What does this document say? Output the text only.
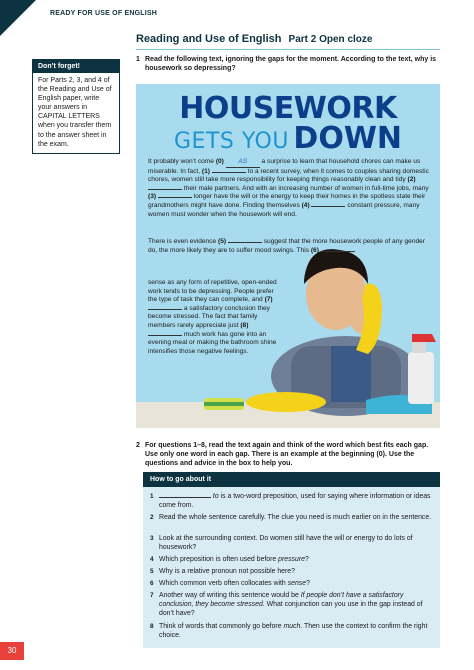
READY FOR USE OF ENGLISH
Reading and Use of English Part 2 Open cloze
1 Read the following text, ignoring the gaps for the moment. According to the text, why is housework so depressing?
Don’t forget!
For Parts 2, 3, and 4 of the Reading and Use of English paper, write your answers in CAPITAL LETTERS when you transfer them to the answer sheet in the exam.
HOUSEWORK
GETS YOU DOWN
It probably won’t come (0) AS a surprise to learn that household chores can make us miserable. In fact, (1)	to a recent survey, when it comes to couples sharing domestic chores, women still take more responsibility for keeping things reasonably clean and tidy (2)  their male partners. And with an increasing number of women in full-time jobs, many (3)	longer have the will or the energy to keep their homes in the spotless state their grandmothers might have done. Finding themselves (4)	constant pressure, many women must wonder when the housework will end.
There is even evidence (5)	suggest that the more housework people of any gender do, the more likely they are to suffer mood swings. This (6)
sense as any form of repetitive, open-ended work tends to be depressing. People prefer the type of task they can complete, and (7)  a satisfactory conclusion they become stressed. The fact that family members rarely appreciate just (8)  much work has gone into an evening meal or making the bathroom shine intensifies those negative feelings.
2 For questions 1–8, read the text again and think of the word which best fits each gap. Use only one word in each gap. There is an example at the beginning (0). Use the questions and advice in the box to help you.
How to go about it
1	to is a two-word preposition, used for saying where information or ideas come from.
2 Read the whole sentence carefully. The clue you need is much earlier on in the sentence.
3 Look at the surrounding context. Do women still have the will or energy to do lots of housework?
4 Which preposition is often used before pressure?
5 Why is a relative pronoun not possible here?
6 Which common verb often collocates with sense?
7 Another way of writing this sentence would be If people don’t have a satisfactory conclusion, they become stressed. What conjunction can you use in the gap instead of don’t have?
8 Think of words that commonly go before much. Then use the context to confirm the right choice.
30
